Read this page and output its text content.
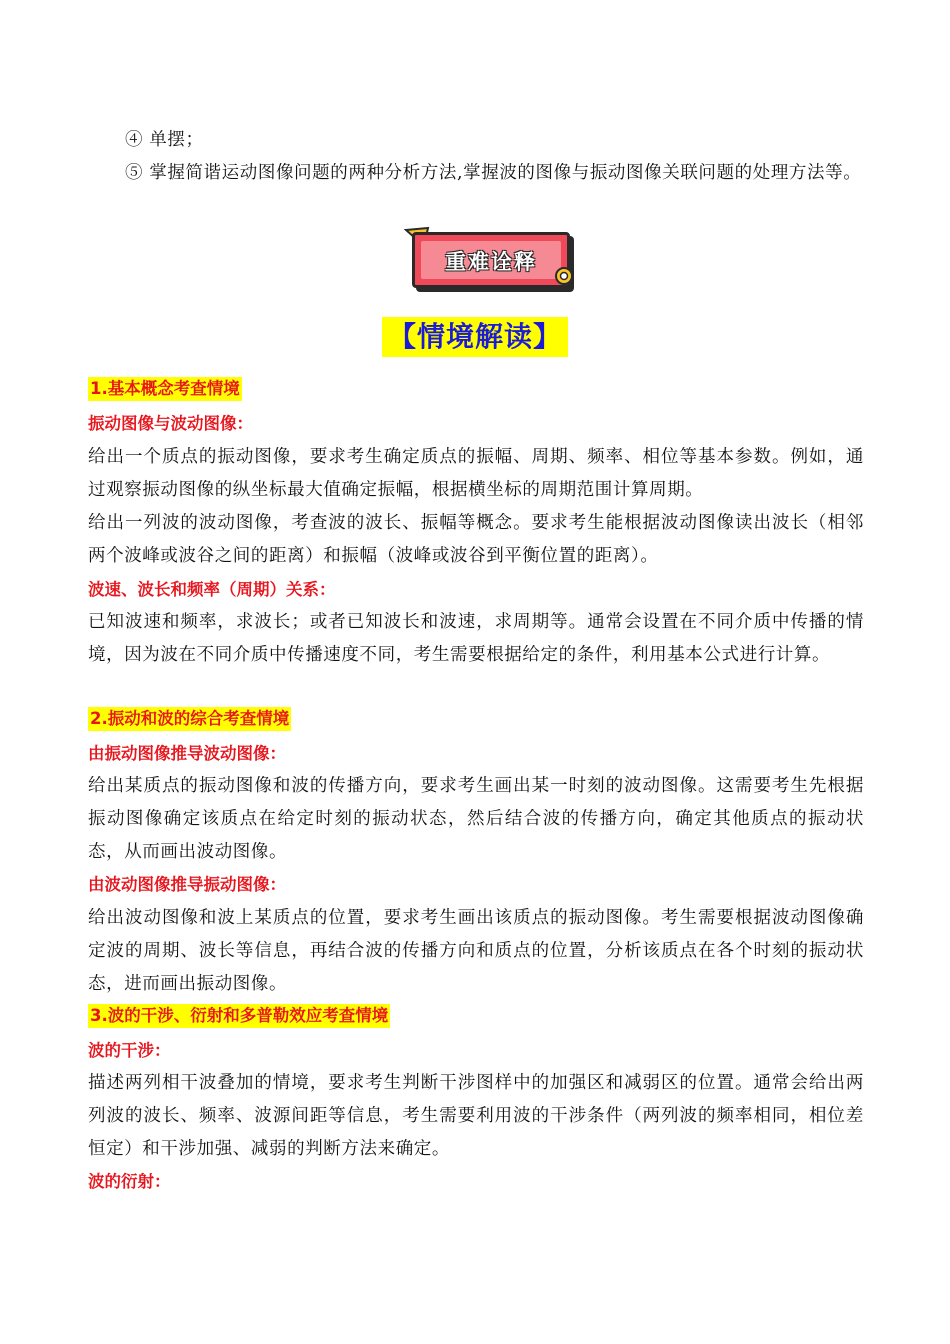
④ 单摆；

⑤ 掌握简谐运动图像问题的两种分析方法,掌握波的图像与振动图像关联问题的处理方法等。

重难诠释
【情境解读】
1.基本概念考查情境
振动图像与波动图像：

给出一个质点的振动图像，要求考生确定质点的振幅、周期、频率、相位等基本参数。例如，通过观察振动图像的纵坐标最大值确定振幅，根据横坐标的周期范围计算周期。

给出一列波的波动图像，考查波的波长、振幅等概念。要求考生能根据波动图像读出波长（相邻两个波峰或波谷之间的距离）和振幅（波峰或波谷到平衡位置的距离）。

波速、波长和频率（周期）关系：

已知波速和频率，求波长；或者已知波长和波速，求周期等。通常会设置在不同介质中传播的情境，因为波在不同介质中传播速度不同，考生需要根据给定的条件，利用基本公式进行计算。

2.振动和波的综合考查情境
由振动图像推导波动图像：

给出某质点的振动图像和波的传播方向，要求考生画出某一时刻的波动图像。这需要考生先根据振动图像确定该质点在给定时刻的振动状态，然后结合波的传播方向，确定其他质点的振动状态，从而画出波动图像。

由波动图像推导振动图像：

给出波动图像和波上某质点的位置，要求考生画出该质点的振动图像。考生需要根据波动图像确定波的周期、波长等信息，再结合波的传播方向和质点的位置，分析该质点在各个时刻的振动状态，进而画出振动图像。

3.波的干涉、衍射和多普勒效应考查情境
波的干涉：

描述两列相干波叠加的情境，要求考生判断干涉图样中的加强区和减弱区的位置。通常会给出两列波的波长、频率、波源间距等信息，考生需要利用波的干涉条件（两列波的频率相同，相位差恒定）和干涉加强、减弱的判断方法来确定。

波的衍射：
